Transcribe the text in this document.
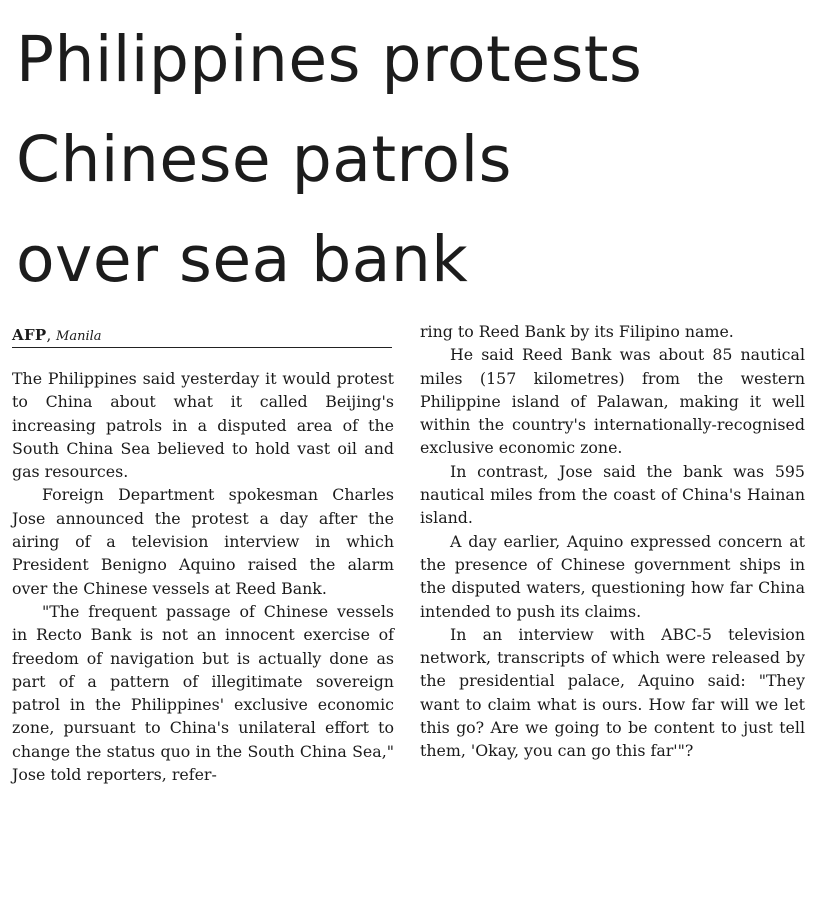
Philippines protests
Chinese patrols
over sea bank
AFP, Manila

The Philippines said yesterday it would protest to China about what it called Beijing's increasing patrols in a disputed area of the South China Sea believed to hold vast oil and gas resources.

Foreign Department spokesman Charles Jose announced the protest a day after the airing of a television interview in which President Benigno Aquino raised the alarm over the Chinese vessels at Reed Bank.

"The frequent passage of Chinese vessels in Recto Bank is not an innocent exercise of freedom of navigation but is actually done as part of a pattern of illegitimate sovereign patrol in the Philippines' exclusive economic zone, pursuant to China's unilateral effort to change the status quo in the South China Sea," Jose told reporters, refer-

ring to Reed Bank by its Filipino name.

He said Reed Bank was about 85 nautical miles (157 kilometres) from the western Philippine island of Palawan, making it well within the country's internationally-recognised exclusive economic zone.

In contrast, Jose said the bank was 595 nautical miles from the coast of China's Hainan island.

A day earlier, Aquino expressed concern at the presence of Chinese government ships in the disputed waters, questioning how far China intended to push its claims.

In an interview with ABC-5 television network, transcripts of which were released by the presidential palace, Aquino said: "They want to claim what is ours. How far will we let this go? Are we going to be content to just tell them, 'Okay, you can go this far'"?
